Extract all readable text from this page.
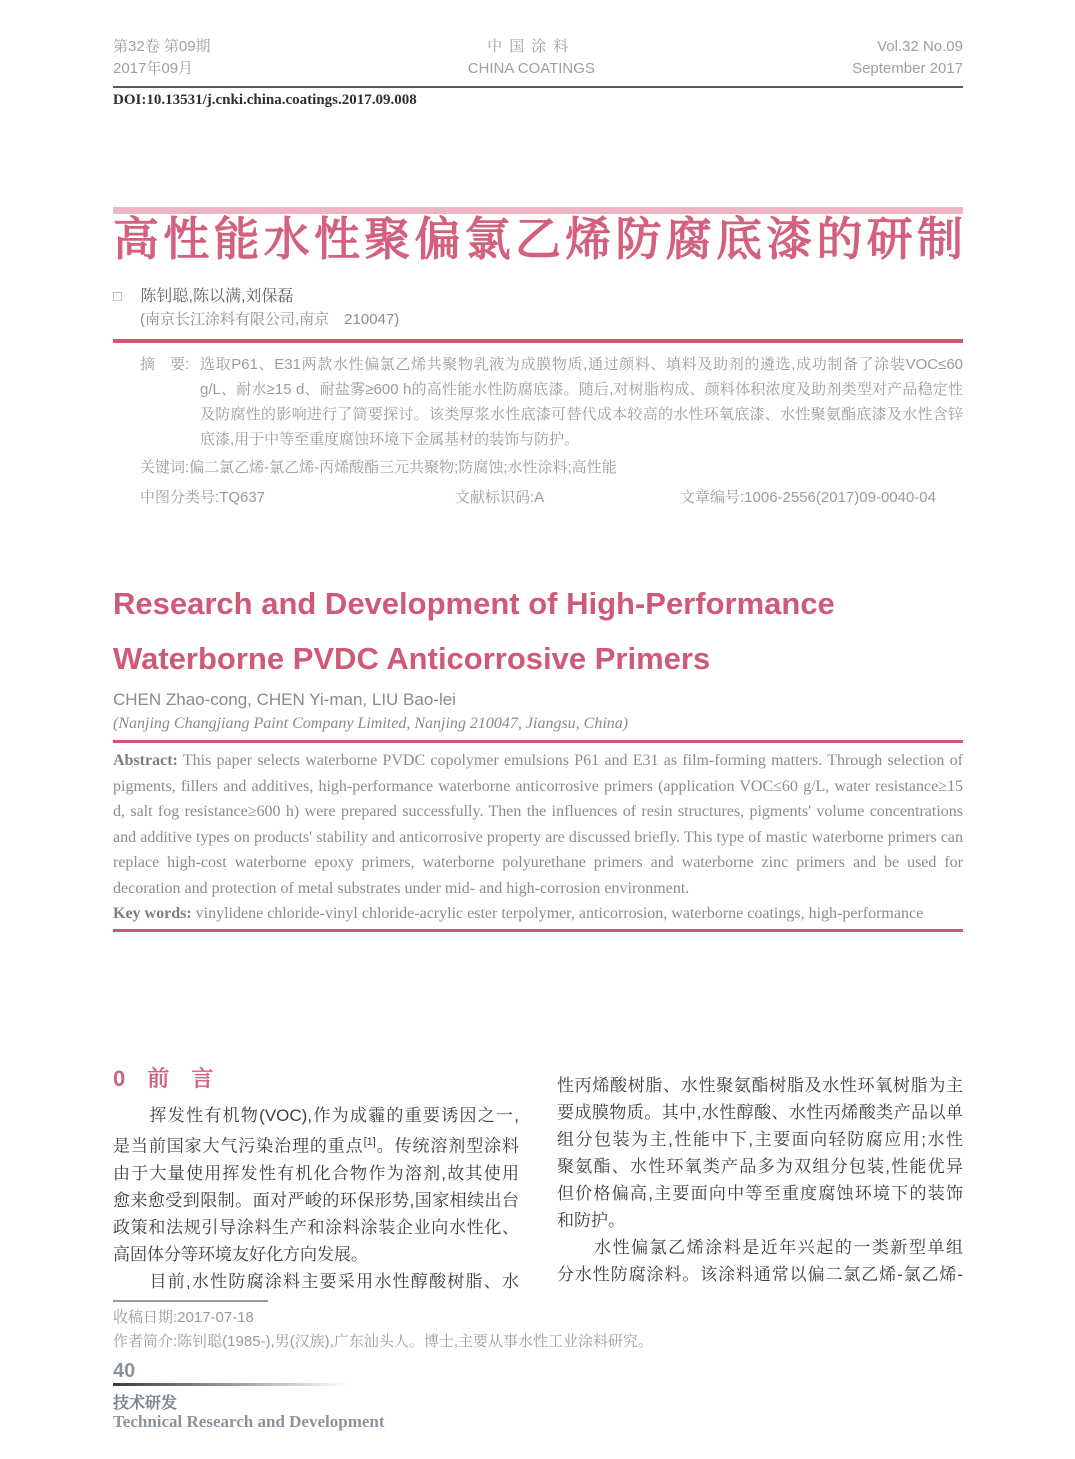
第32卷 第09期
2017年09月
中国涂料
CHINA COATINGS
Vol.32 No.09
September 2017
DOI:10.13531/j.cnki.china.coatings.2017.09.008
高性能水性聚偏氯乙烯防腐底漆的研制
□ 陈钊聪,陈以满,刘保磊
(南京长江涂料有限公司,南京　210047)
摘　要: 选取P61、E31两款水性偏氯乙烯共聚物乳液为成膜物质,通过颜料、填料及助剂的遴选,成功制备了涂装VOC≤60 g/L、耐水≥15 d、耐盐雾≥600 h的高性能水性防腐底漆。随后,对树脂构成、颜料体积浓度及助剂类型对产品稳定性及防腐性的影响进行了简要探讨。该类厚浆水性底漆可替代成本较高的水性环氧底漆、水性聚氨酯底漆及水性含锌底漆,用于中等至重度腐蚀环境下金属基材的装饰与防护。
关键词:偏二氯乙烯-氯乙烯-丙烯酸酯三元共聚物;防腐蚀;水性涂料;高性能
中图分类号:TQ637	文献标识码:A	文章编号:1006-2556(2017)09-0040-04
Research and Development of High-Performance
Waterborne PVDC Anticorrosive Primers
CHEN Zhao-cong, CHEN Yi-man, LIU Bao-lei
(Nanjing Changjiang Paint Company Limited, Nanjing 210047, Jiangsu, China)

Abstract: This paper selects waterborne PVDC copolymer emulsions P61 and E31 as film-forming matters. Through selection of pigments, fillers and additives, high-performance waterborne anticorrosive primers (application VOC≤60 g/L, water resistance≥15 d, salt fog resistance≥600 h) were prepared successfully. Then the influences of resin structures, pigments' volume concentrations and additive types on products' stability and anticorrosive property are discussed briefly. This type of mastic waterborne primers can replace high-cost waterborne epoxy primers, waterborne polyurethane primers and waterborne zinc primers and be used for decoration and protection of metal substrates under mid- and high-corrosion environment.

Key words: vinylidene chloride-vinyl chloride-acrylic ester terpolymer, anticorrosion, waterborne coatings, high-performance

0　前　言
　　挥发性有机物(VOC),作为成霾的重要诱因之一,
是当前国家大气污染治理的重点[1]。传统溶剂型涂料
由于大量使用挥发性有机化合物作为溶剂,故其使用
愈来愈受到限制。面对严峻的环保形势,国家相续出台
政策和法规引导涂料生产和涂料涂装企业向水性化、
高固体分等环境友好化方向发展。
　　目前,水性防腐涂料主要采用水性醇酸树脂、水
性丙烯酸树脂、水性聚氨酯树脂及水性环氧树脂为主
要成膜物质。其中,水性醇酸、水性丙烯酸类产品以单
组分包装为主,性能中下,主要面向轻防腐应用;水性
聚氨酯、水性环氧类产品多为双组分包装,性能优异
但价格偏高,主要面向中等至重度腐蚀环境下的装饰
和防护。
　　水性偏氯乙烯涂料是近年兴起的一类新型单组
分水性防腐涂料。该涂料通常以偏二氯乙烯-氯乙烯-
收稿日期:2017-07-18
作者简介:陈钊聪(1985-),男(汉族),广东汕头人。博士,主要从事水性工业涂料研究。
40
技术研发
Technical Research and Development
